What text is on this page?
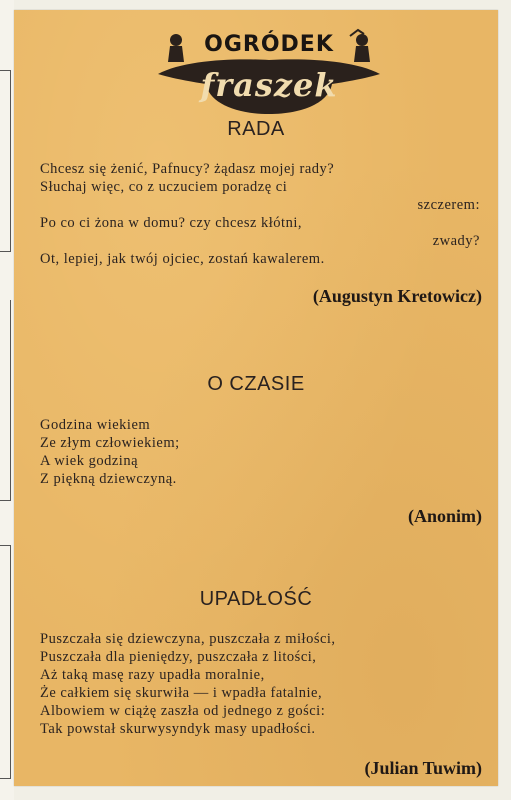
OGRÓDEK
fraszek
RADA
Chcesz się żenić, Pafnucy? żądasz mojej rady?
Słuchaj więc, co z uczuciem poradzę ci
szczerem:
Po co ci żona w domu? czy chcesz kłótni,
zwady?
Ot, lepiej, jak twój ojciec, zostań kawalerem.
(Augustyn Kretowicz)
O CZASIE
Godzina wiekiem
Ze złym człowiekiem;
A wiek godziną
Z piękną dziewczyną.
(Anonim)
UPADŁOŚĆ
Puszczała się dziewczyna, puszczała z miłości,
Puszczała dla pieniędzy, puszczała z litości,
Aż taką masę razy upadła moralnie,
Że całkiem się skurwiła — i wpadła fatalnie,
Albowiem w ciążę zaszła od jednego z gości:
Tak powstał skurwysyndyk masy upadłości.
(Julian Tuwim)
